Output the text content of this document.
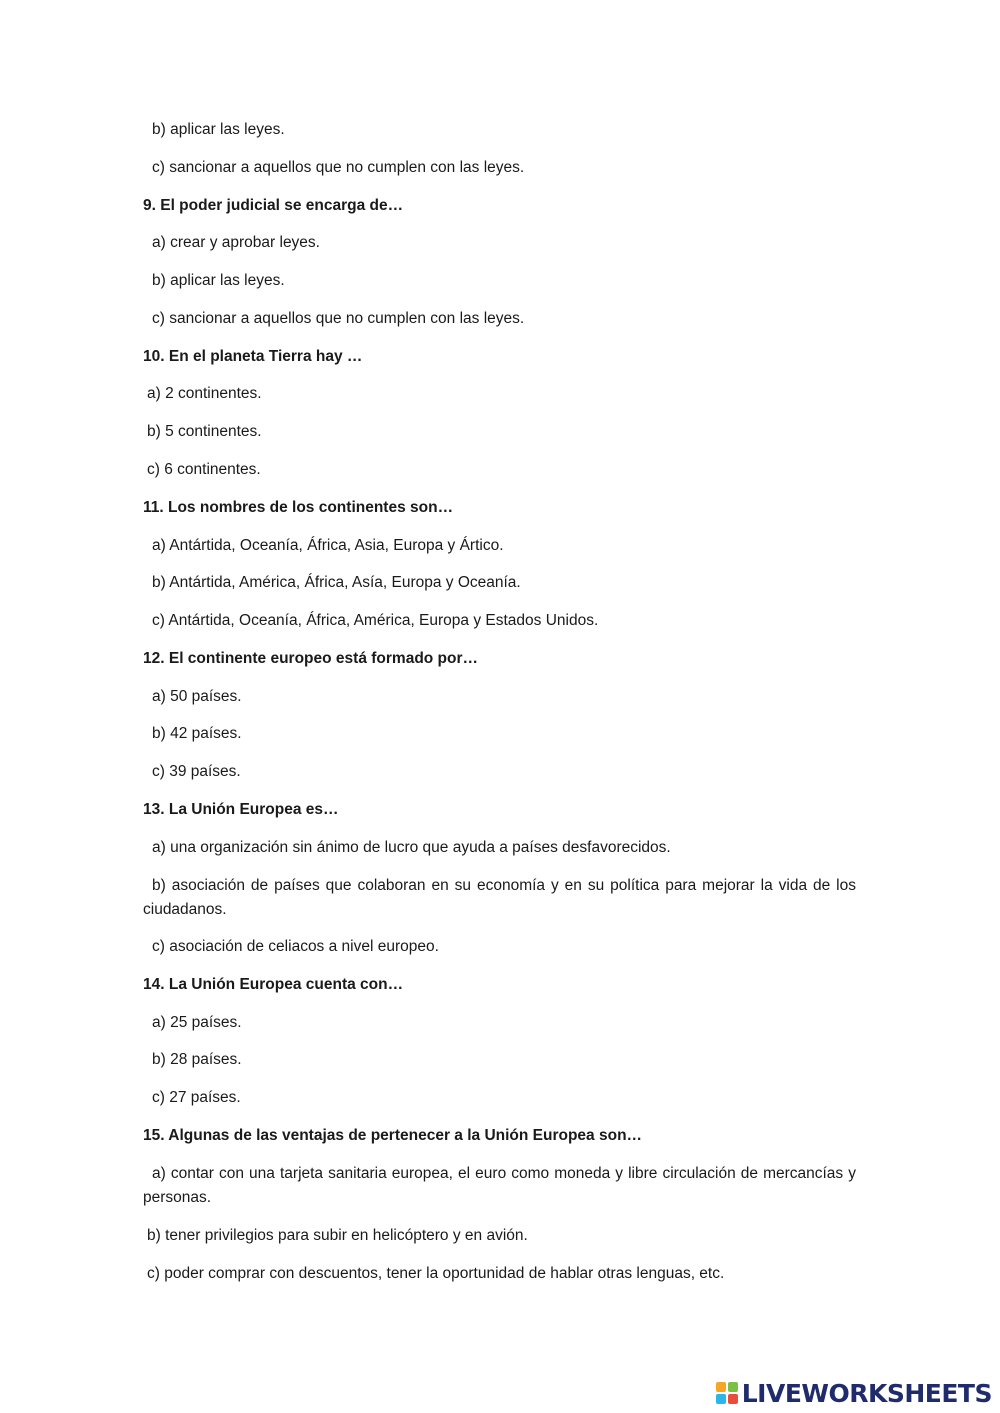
b) aplicar las leyes.
c) sancionar a aquellos que no cumplen con las leyes.
9. El poder judicial se encarga de…
a) crear y aprobar leyes.
b) aplicar las leyes.
c) sancionar a aquellos que no cumplen con las leyes.
10. En el planeta Tierra hay …
a) 2 continentes.
b) 5 continentes.
c) 6 continentes.
11. Los nombres de los continentes son…
a) Antártida, Oceanía, África, Asia, Europa y Ártico.
b) Antártida, América, África, Asía, Europa y Oceanía.
c) Antártida, Oceanía, África, América, Europa y Estados Unidos.
12. El continente europeo está formado por…
a) 50 países.
b) 42 países.
c) 39 países.
13. La Unión Europea es…
a) una organización sin ánimo de lucro que ayuda a países desfavorecidos.
b) asociación de países que colaboran en su economía y en su política para mejorar la vida de los ciudadanos.
c) asociación de celiacos a nivel europeo.
14. La Unión Europea cuenta con…
a) 25 países.
b) 28 países.
c) 27 países.
15. Algunas de las ventajas de pertenecer a la Unión Europea son…
a) contar con una tarjeta sanitaria europea, el euro como moneda y libre circulación de mercancías y personas.
b) tener privilegios para subir en helicóptero y en avión.
c) poder comprar con descuentos, tener la oportunidad de hablar otras lenguas, etc.
LIVEWORKSHEETS
